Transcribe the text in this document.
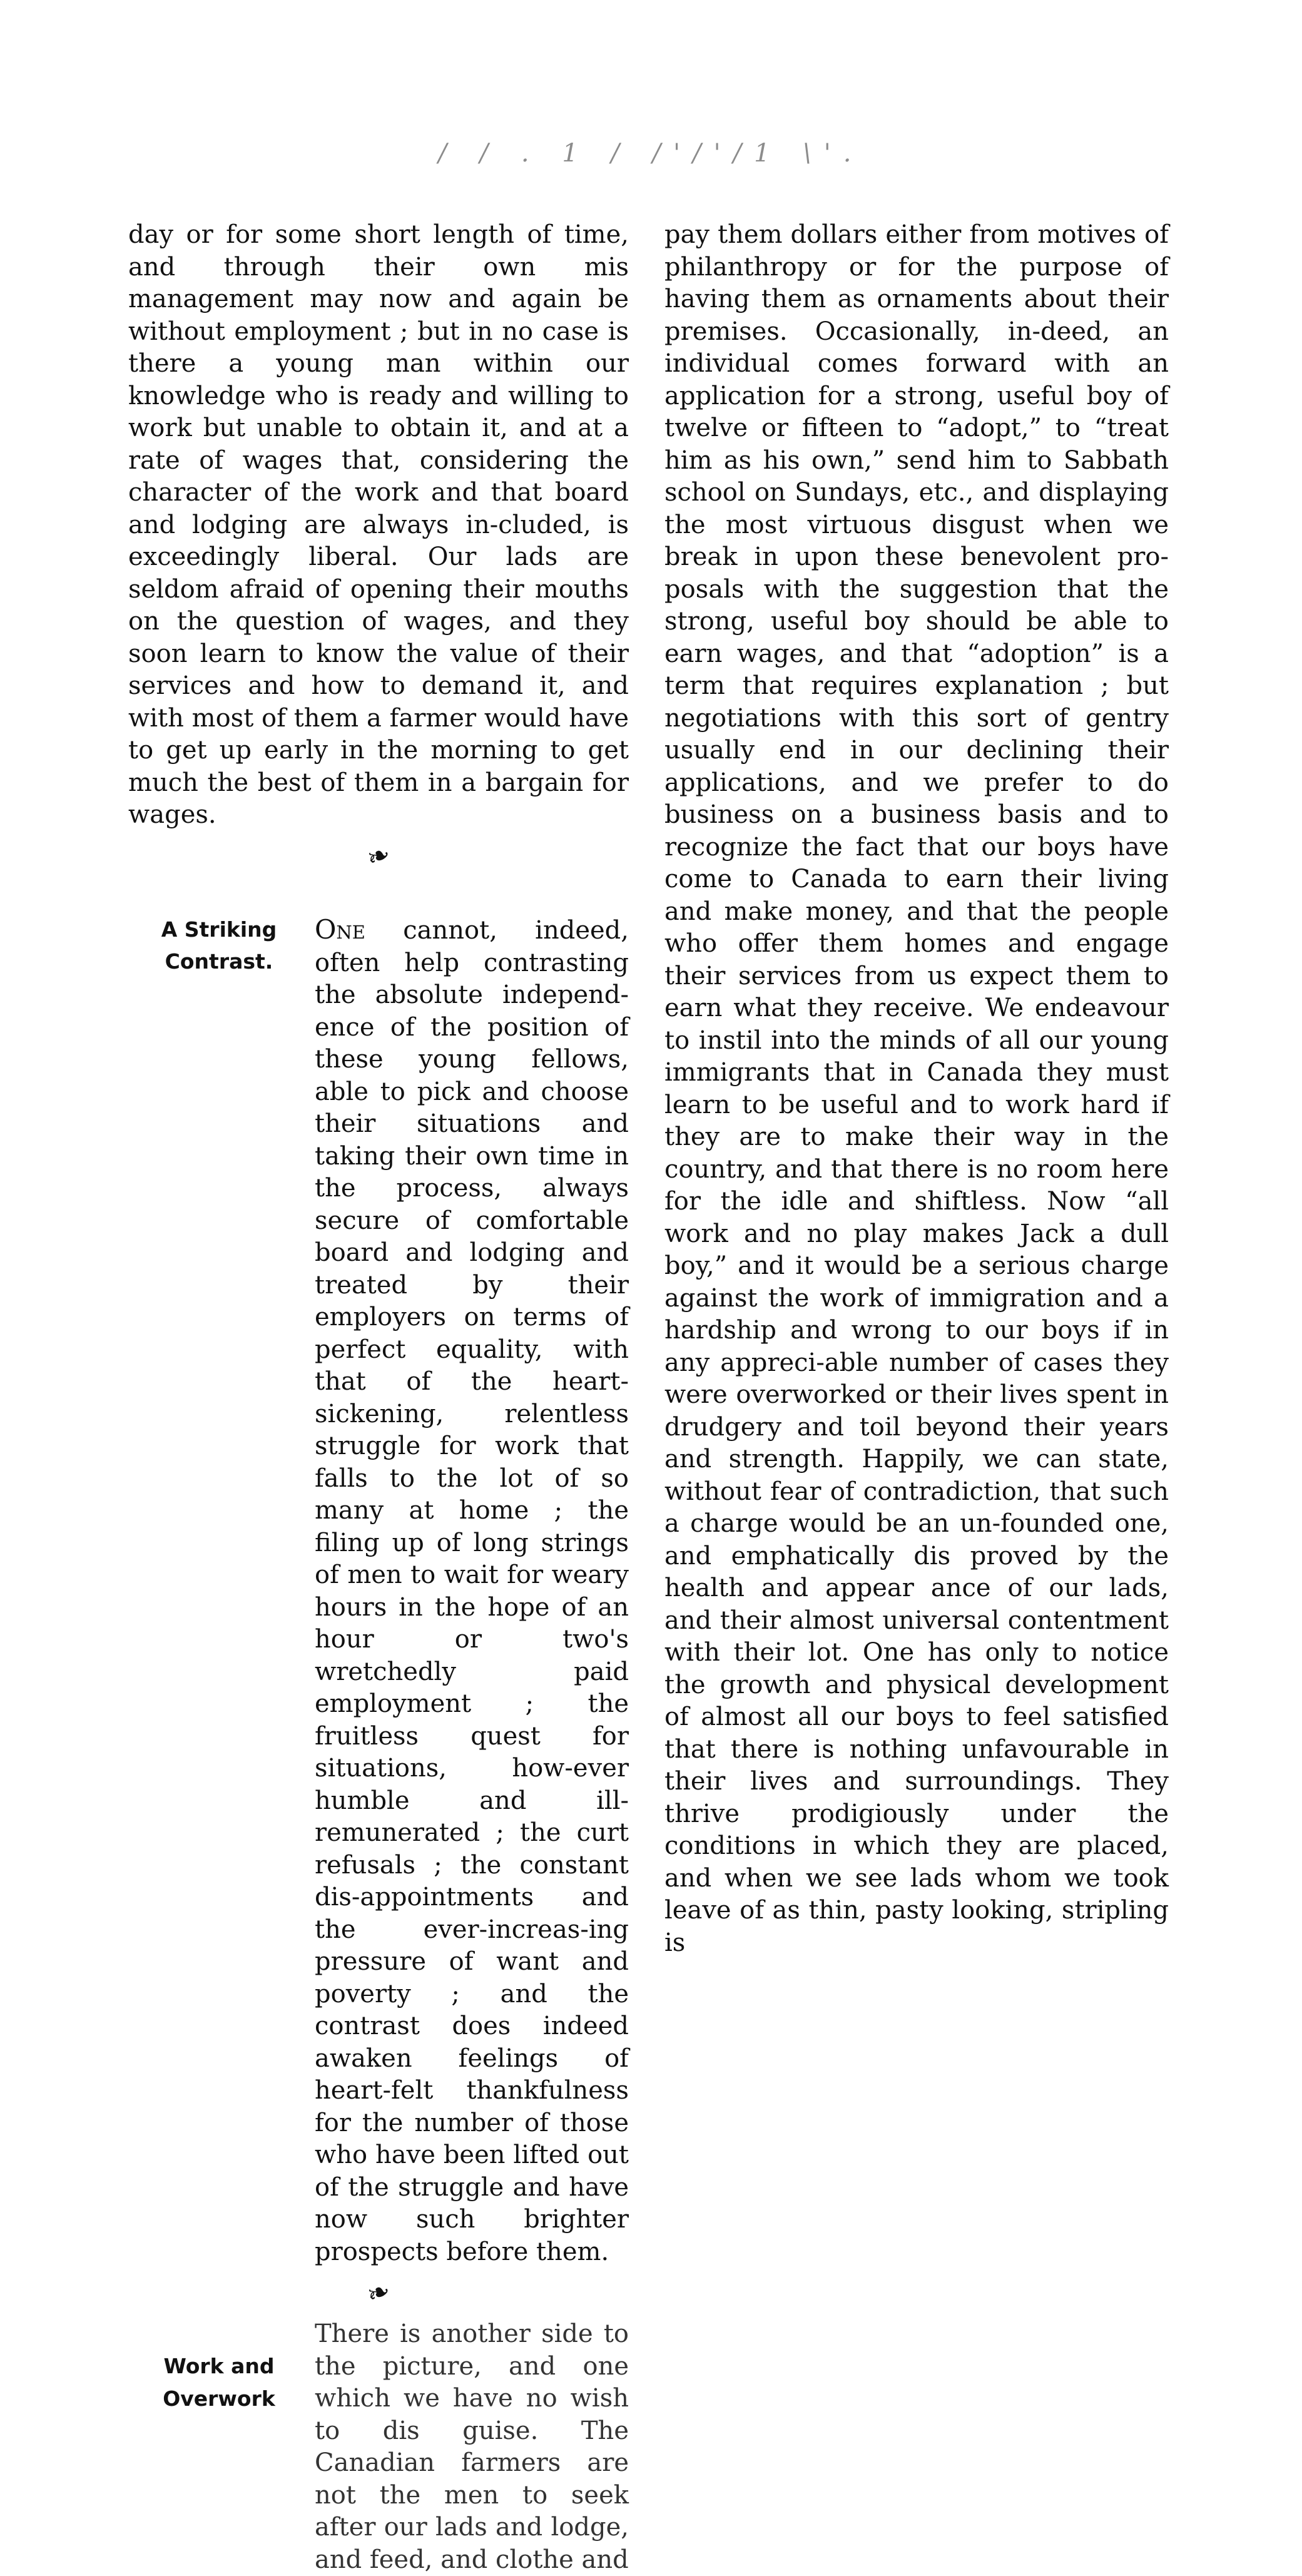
/ / . 1 / /'/'/1 \'.

day or for some short length of time, and through their own mis management may now and again be without employment ; but in no case is there a young man within our knowledge who is ready and willing to work but unable to obtain it, and at a rate of wages that, considering the character of the work and that board and lodging are always in-cluded, is exceedingly liberal. Our lads are seldom afraid of opening their mouths on the question of wages, and they soon learn to know the value of their services and how to demand it, and with most of them a farmer would have to get up early in the morning to get much the best of them in a bargain for wages.

❧
A Striking Contrast.

One cannot, indeed, often help contrasting the absolute independ-ence of the position of these young fellows, able to pick and choose their situations and taking their own time in the process, always secure of comfortable board and lodging and treated by their employers on terms of perfect equality, with that of the heart-sickening, relentless struggle for work that falls to the lot of so many at home ; the filing up of long strings of men to wait for weary hours in the hope of an hour or two's wretchedly paid employment ; the fruitless quest for situations, how-ever humble and ill-remunerated ; the curt refusals ; the constant dis-appointments and the ever-increas-ing pressure of want and poverty ; and the contrast does indeed awaken feelings of heart-felt thankfulness for the number of those who have been lifted out of the struggle and have now such brighter prospects before them.

❧
Work and Overwork

There is another side to the picture, and one which we have no wish to dis guise. The Canadian farmers are not the men to seek after our lads and lodge, and feed, and clothe and

pay them dollars either from motives of philanthropy or for the purpose of having them as ornaments about their premises. Occasionally, in-deed, an individual comes forward with an application for a strong, useful boy of twelve or fifteen to “adopt,” to “treat him as his own,” send him to Sabbath school on Sundays, etc., and displaying the most virtuous disgust when we break in upon these benevolent pro-posals with the suggestion that the strong, useful boy should be able to earn wages, and that “adoption” is a term that requires explanation ; but negotiations with this sort of gentry usually end in our declining their applications, and we prefer to do business on a business basis and to recognize the fact that our boys have come to Canada to earn their living and make money, and that the people who offer them homes and engage their services from us expect them to earn what they receive. We endeavour to instil into the minds of all our young immigrants that in Canada they must learn to be useful and to work hard if they are to make their way in the country, and that there is no room here for the idle and shiftless. Now “all work and no play makes Jack a dull boy,” and it would be a serious charge against the work of immigration and a hardship and wrong to our boys if in any appreci-able number of cases they were overworked or their lives spent in drudgery and toil beyond their years and strength. Happily, we can state, without fear of contradiction, that such a charge would be an un-founded one, and emphatically dis proved by the health and appear ance of our lads, and their almost universal contentment with their lot. One has only to notice the growth and physical development of almost all our boys to feel satisfied that there is nothing unfavourable in their lives and surroundings. They thrive prodigiously under the conditions in which they are placed, and when we see lads whom we took leave of as thin, pasty looking, stripling is
